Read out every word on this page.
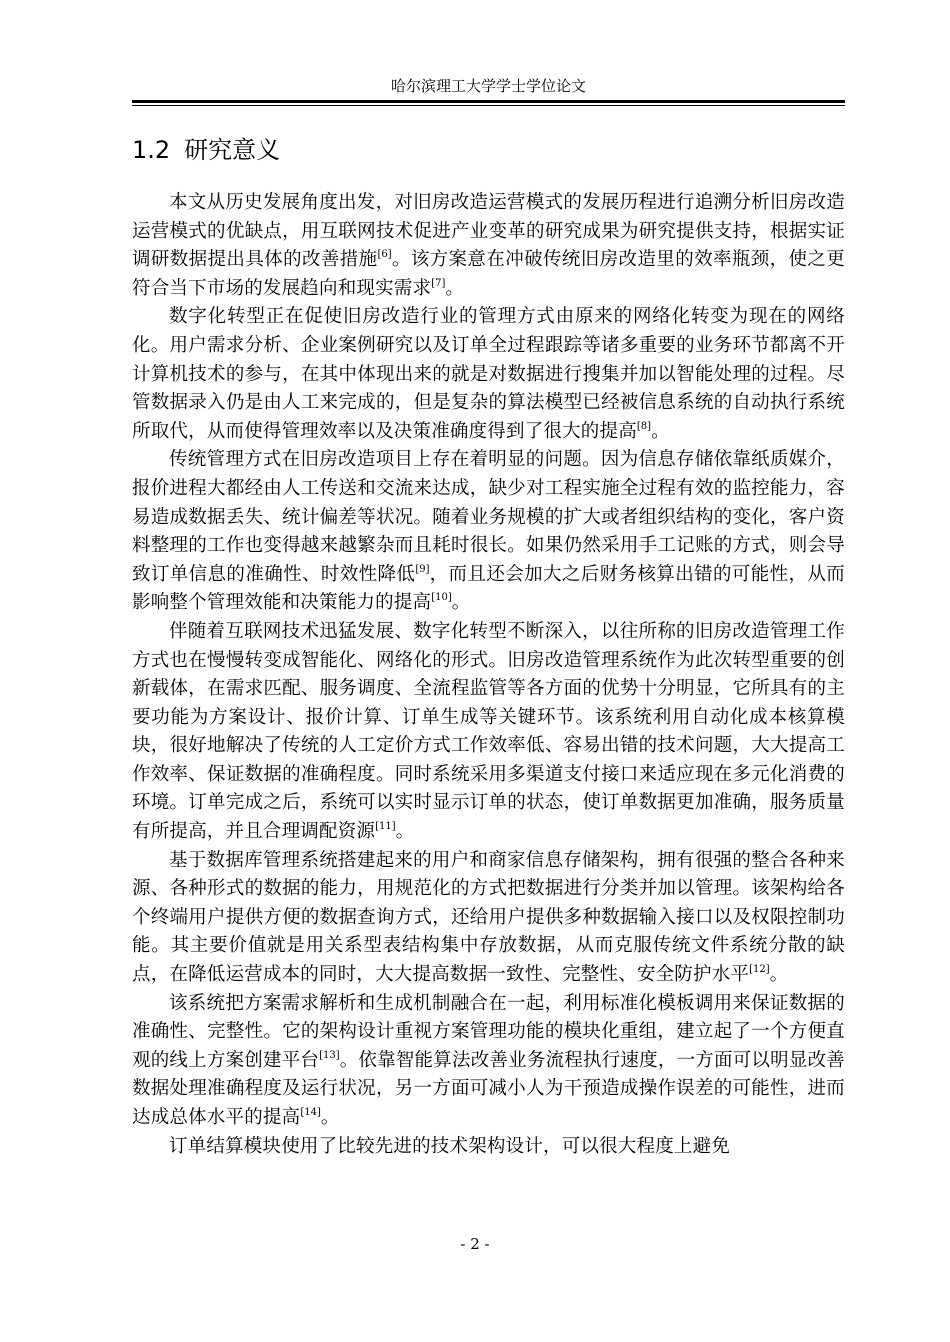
哈尔滨理工大学学士学位论文
1.2 研究意义

本文从历史发展角度出发，对旧房改造运营模式的发展历程进行追溯分析旧房改造运营模式的优缺点，用互联网技术促进产业变革的研究成果为研究提供支持，根据实证调研数据提出具体的改善措施[6]。该方案意在冲破传统旧房改造里的效率瓶颈，使之更符合当下市场的发展趋向和现实需求[7]。

数字化转型正在促使旧房改造行业的管理方式由原来的网络化转变为现在的网络化。用户需求分析、企业案例研究以及订单全过程跟踪等诸多重要的业务环节都离不开计算机技术的参与，在其中体现出来的就是对数据进行搜集并加以智能处理的过程。尽管数据录入仍是由人工来完成的，但是复杂的算法模型已经被信息系统的自动执行系统所取代，从而使得管理效率以及决策准确度得到了很大的提高[8]。

传统管理方式在旧房改造项目上存在着明显的问题。因为信息存储依靠纸质媒介，报价进程大都经由人工传送和交流来达成，缺少对工程实施全过程有效的监控能力，容易造成数据丢失、统计偏差等状况。随着业务规模的扩大或者组织结构的变化，客户资料整理的工作也变得越来越繁杂而且耗时很长。如果仍然采用手工记账的方式，则会导致订单信息的准确性、时效性降低[9]，而且还会加大之后财务核算出错的可能性，从而影响整个管理效能和决策能力的提高[10]。

伴随着互联网技术迅猛发展、数字化转型不断深入，以往所称的旧房改造管理工作方式也在慢慢转变成智能化、网络化的形式。旧房改造管理系统作为此次转型重要的创新载体，在需求匹配、服务调度、全流程监管等各方面的优势十分明显，它所具有的主要功能为方案设计、报价计算、订单生成等关键环节。该系统利用自动化成本核算模块，很好地解决了传统的人工定价方式工作效率低、容易出错的技术问题，大大提高工作效率、保证数据的准确程度。同时系统采用多渠道支付接口来适应现在多元化消费的环境。订单完成之后，系统可以实时显示订单的状态，使订单数据更加准确，服务质量有所提高，并且合理调配资源[11]。

基于数据库管理系统搭建起来的用户和商家信息存储架构，拥有很强的整合各种来源、各种形式的数据的能力，用规范化的方式把数据进行分类并加以管理。该架构给各个终端用户提供方便的数据查询方式，还给用户提供多种数据输入接口以及权限控制功能。其主要价值就是用关系型表结构集中存放数据，从而克服传统文件系统分散的缺点，在降低运营成本的同时，大大提高数据一致性、完整性、安全防护水平[12]。

该系统把方案需求解析和生成机制融合在一起，利用标准化模板调用来保证数据的准确性、完整性。它的架构设计重视方案管理功能的模块化重组，建立起了一个方便直观的线上方案创建平台[13]。依靠智能算法改善业务流程执行速度，一方面可以明显改善数据处理准确程度及运行状况，另一方面可减小人为干预造成操作误差的可能性，进而达成总体水平的提高[14]。

订单结算模块使用了比较先进的技术架构设计，可以很大程度上避免

- 2 -
